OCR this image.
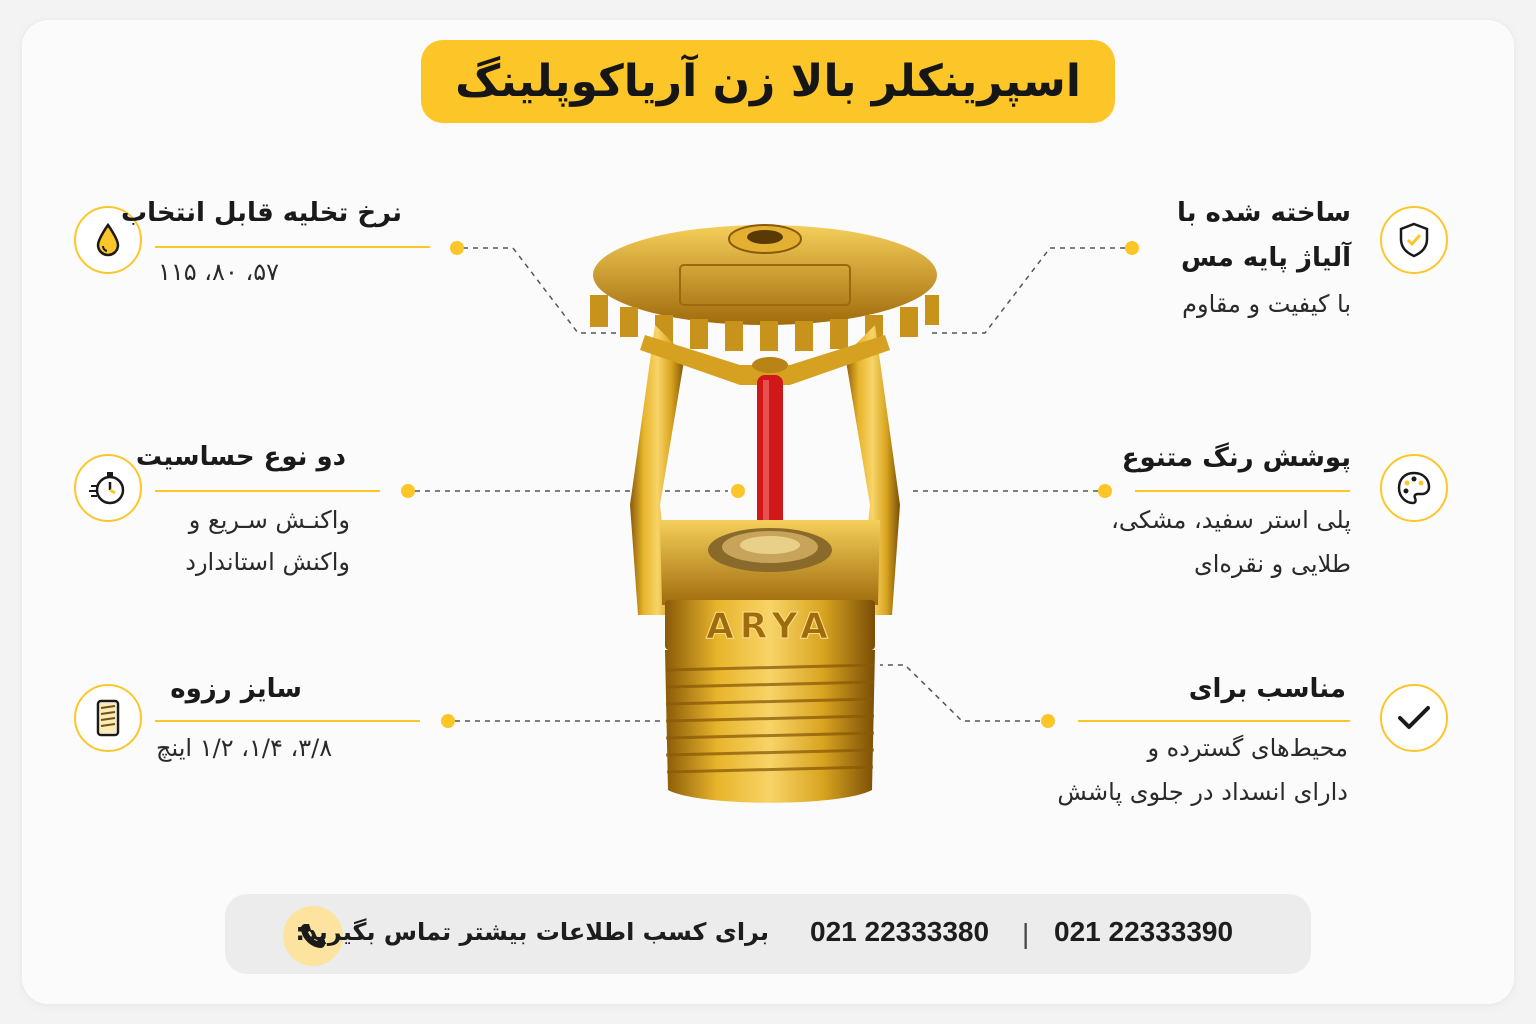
اسپرینکلر بالا زن آریاکوپلینگ
نرخ تخلیه قابل انتخاب
۵۷، ۸۰، ۱۱۵
دو نوع حساسیت
واکنـش سـریع و
واکنش استاندارد
سایز رزوه
۳/۸، ۱/۴، ۱/۲ اینچ
ساخته شده با
آلیاژ پایه مس
با کیفیت و مقاوم
پوشش رنگ متنوع
پلی استر سفید، مشکی،
طلایی و نقره‌ای
مناسب برای
محیط‌های گسترده و
دارای انسداد در جلوی پاشش
ARYA
برای کسب اطلاعات بیشتر تماس بگیرید: 021 22333380 | 021 22333390
